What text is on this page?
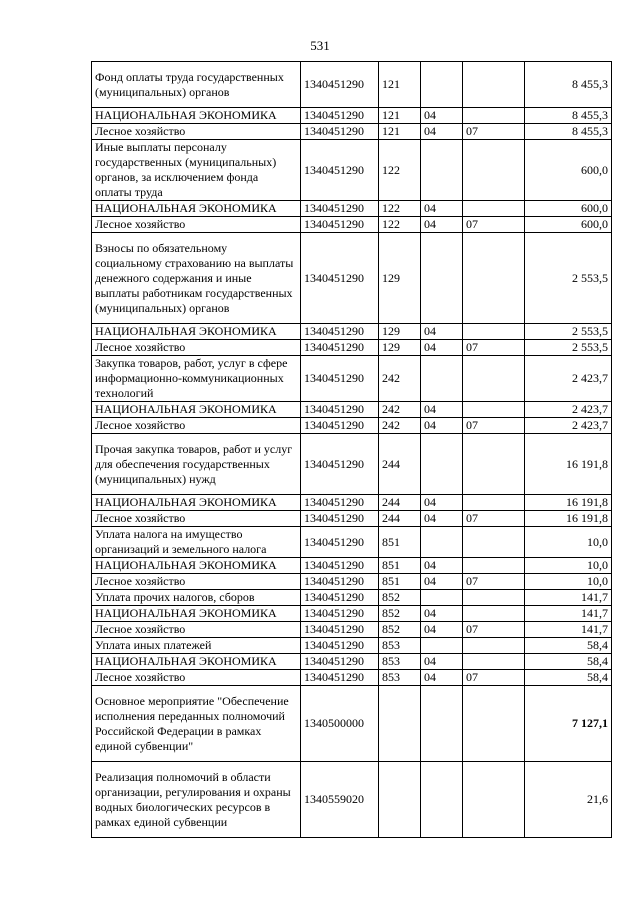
531
Фонд оплаты труда государственных (муниципальных) органов	1340451290	121			8 455,3
НАЦИОНАЛЬНАЯ ЭКОНОМИКА	1340451290	121	04		8 455,3
Лесное хозяйство	1340451290	121	04	07	8 455,3
Иные выплаты персоналу государственных (муниципальных) органов, за исключением фонда оплаты труда	1340451290	122			600,0
НАЦИОНАЛЬНАЯ ЭКОНОМИКА	1340451290	122	04		600,0
Лесное хозяйство	1340451290	122	04	07	600,0
Взносы по обязательному социальному страхованию на выплаты денежного содержания и иные выплаты работникам государственных (муниципальных) органов	1340451290	129			2 553,5
НАЦИОНАЛЬНАЯ ЭКОНОМИКА	1340451290	129	04		2 553,5
Лесное хозяйство	1340451290	129	04	07	2 553,5
Закупка товаров, работ, услуг в сфере информационно-коммуникационных технологий	1340451290	242			2 423,7
НАЦИОНАЛЬНАЯ ЭКОНОМИКА	1340451290	242	04		2 423,7
Лесное хозяйство	1340451290	242	04	07	2 423,7
Прочая закупка товаров, работ и услуг для обеспечения государственных (муниципальных) нужд	1340451290	244			16 191,8
НАЦИОНАЛЬНАЯ ЭКОНОМИКА	1340451290	244	04		16 191,8
Лесное хозяйство	1340451290	244	04	07	16 191,8
Уплата налога на имущество организаций и земельного налога	1340451290	851			10,0
НАЦИОНАЛЬНАЯ ЭКОНОМИКА	1340451290	851	04		10,0
Лесное хозяйство	1340451290	851	04	07	10,0
Уплата прочих налогов, сборов	1340451290	852			141,7
НАЦИОНАЛЬНАЯ ЭКОНОМИКА	1340451290	852	04		141,7
Лесное хозяйство	1340451290	852	04	07	141,7
Уплата иных платежей	1340451290	853			58,4
НАЦИОНАЛЬНАЯ ЭКОНОМИКА	1340451290	853	04		58,4
Лесное хозяйство	1340451290	853	04	07	58,4
Основное мероприятие "Обеспечение исполнения переданных полномочий Российской Федерации в рамках единой субвенции"	1340500000				7 127,1
Реализация полномочий в области организации, регулирования и охраны водных биологических ресурсов в рамках единой субвенции	1340559020				21,6
